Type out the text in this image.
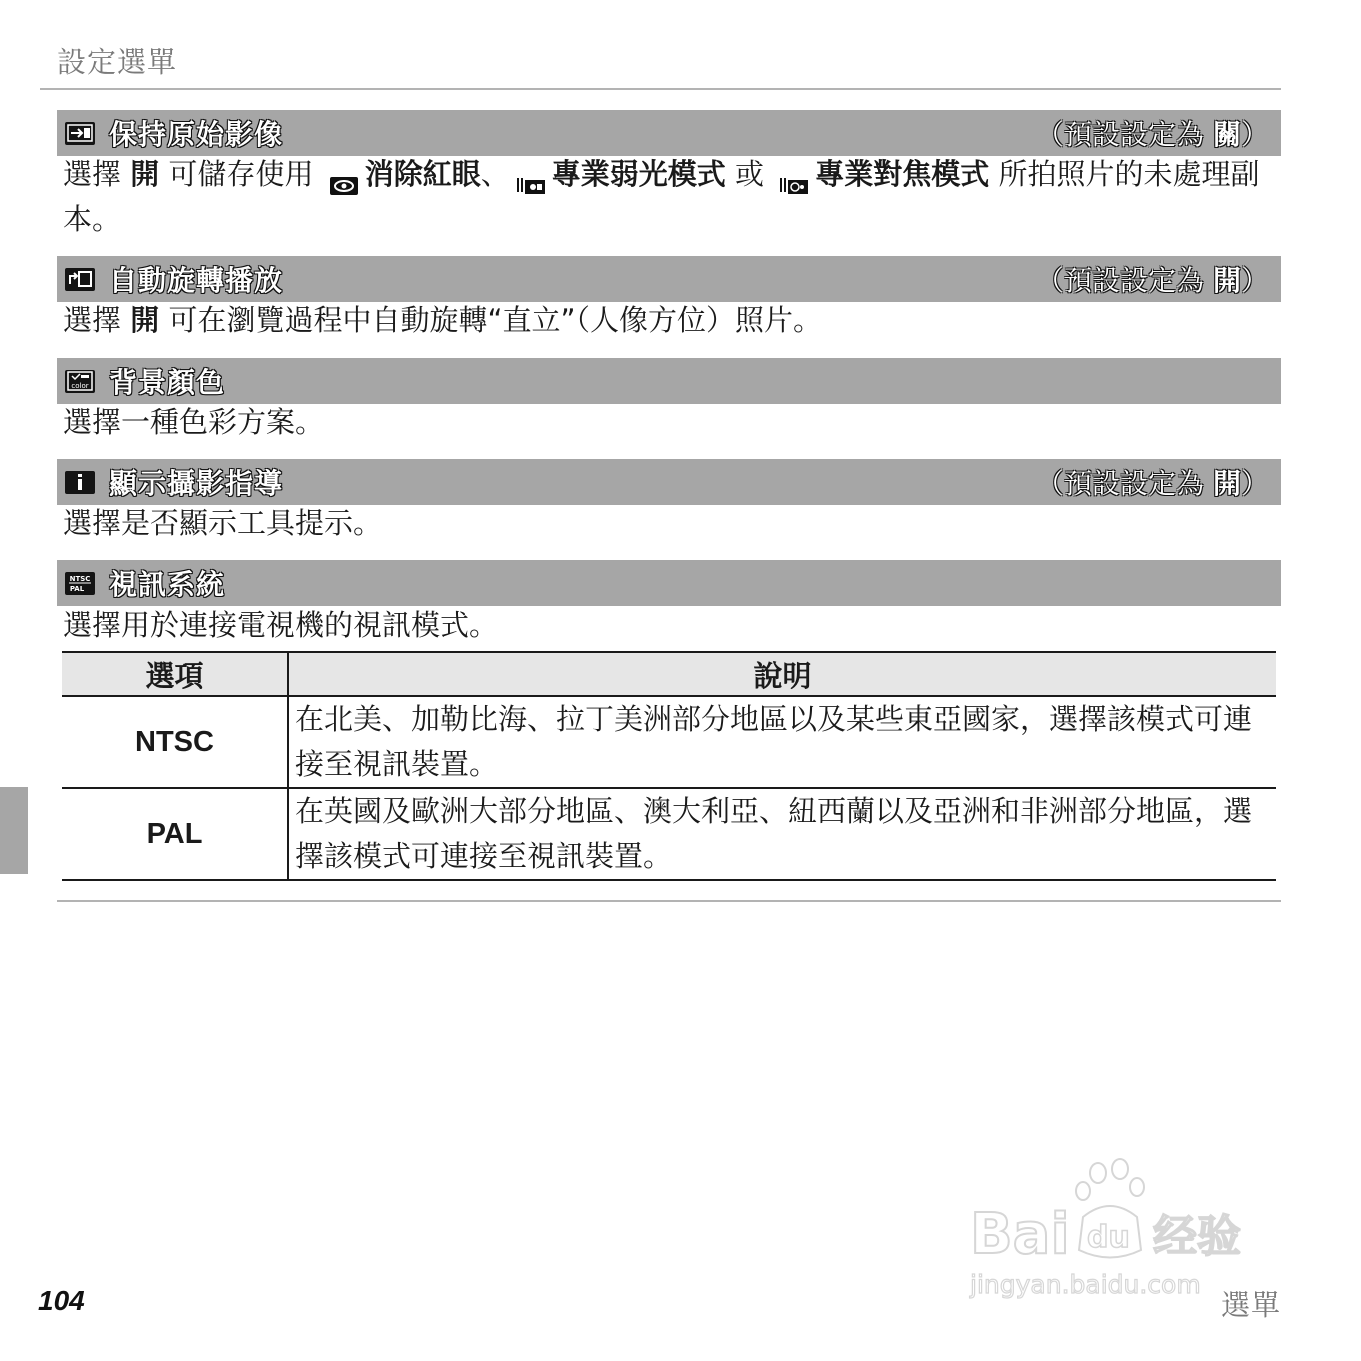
設定選單
保持原始影像	（預設設定為 關）
選擇 開 可儲存使用 消除紅眼、 專業弱光模式 或 專業對焦模式 所拍照片的未處理副本。
自動旋轉播放	（預設設定為 開）
選擇 開 可在瀏覽過程中自動旋轉“直立”（人像方位）照片。
color 背景顏色
選擇一種色彩方案。
顯示攝影指導	（預設設定為 開）
選擇是否顯示工具提示。
NTSC
PAL 視訊系統
選擇用於連接電視機的視訊模式。
選項	說明
NTSC	在北美、加勒比海、拉丁美洲部分地區以及某些東亞國家，選擇該模式可連接至視訊裝置。
PAL	在英國及歐洲大部分地區、澳大利亞、紐西蘭以及亞洲和非洲部分地區，選擇該模式可連接至視訊裝置。
Bai du 经验
jingyan.baidu.com
104	選單
